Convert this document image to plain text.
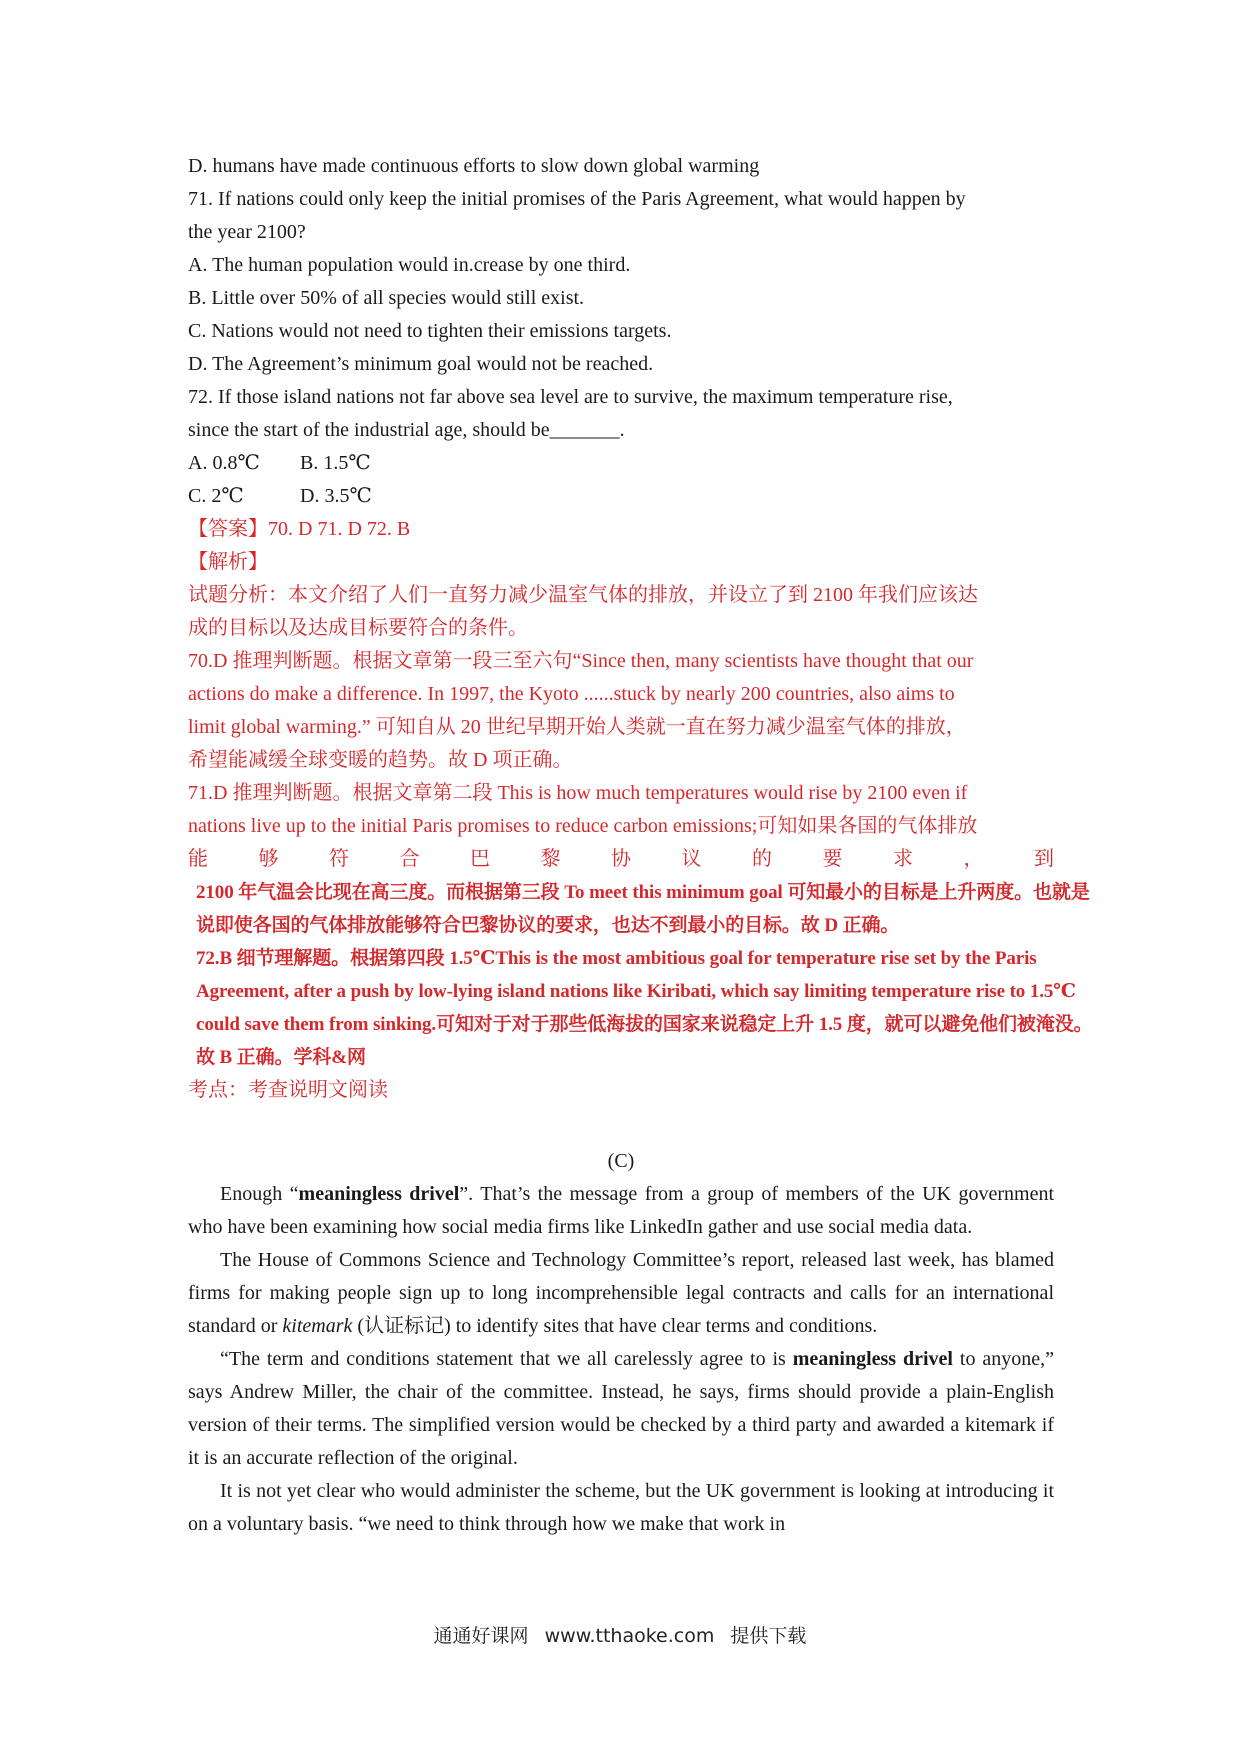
D. humans have made continuous efforts to slow down global warming

71. If nations could only keep the initial promises of the Paris Agreement, what would happen by

the year 2100?

A. The human population would in.crease by one third.

B. Little over 50% of all species would still exist.

C. Nations would not need to tighten their emissions targets.

D. The Agreement’s minimum goal would not be reached.

72. If those island nations not far above sea level are to survive, the maximum temperature rise,

since the start of the industrial age, should be_______.

A. 0.8℃ B. 1.5℃

C. 2℃	D. 3.5℃

【答案】70. D 71. D 72. B

【解析】

试题分析：本文介绍了人们一直努力减少温室气体的排放，并设立了到 2100 年我们应该达

成的目标以及达成目标要符合的条件。

70.D 推理判断题。根据文章第一段三至六句“Since then, many scientists have thought that our

actions do make a difference. In 1997, the Kyoto ......stuck by nearly 200 countries, also aims to

limit global warming.” 可知自从 20 世纪早期开始人类就一直在努力减少温室气体的排放，

希望能减缓全球变暖的趋势。故 D 项正确。

71.D 推理判断题。根据文章第二段 This is how much temperatures would rise by 2100 even if

nations live up to the initial Paris promises to reduce carbon emissions;可知如果各国的气体排放

能	够	符	合	巴	黎	协	议	的	要	求	，	到

2100 年气温会比现在高三度。而根据第三段 To meet this minimum goal 可知最小的目标是上升两度。也就是

说即使各国的气体排放能够符合巴黎协议的要求，也达不到最小的目标。故 D 正确。

72.B 细节理解题。根据第四段 1.5℃This is the most ambitious goal for temperature rise set by the Paris

Agreement, after a push by low-lying island nations like Kiribati, which say limiting temperature rise to 1.5℃

could save them from sinking.可知对于对于那些低海拔的国家来说稳定上升 1.5 度，就可以避免他们被淹没。

故 B 正确。学科&网

考点：考查说明文阅读

(C)

Enough “meaningless drivel”. That’s the message from a group of members of the UK government who have been examining how social media firms like LinkedIn gather and use social media data.

The House of Commons Science and Technology Committee’s report, released last week, has blamed firms for making people sign up to long incomprehensible legal contracts and calls for an international standard or kitemark (认证标记) to identify sites that have clear terms and conditions.

“The term and conditions statement that we all carelessly agree to is meaningless drivel to anyone,” says Andrew Miller, the chair of the committee. Instead, he says, firms should provide a plain-English version of their terms. The simplified version would be checked by a third party and awarded a kitemark if it is an accurate reflection of the original.

It is not yet clear who would administer the scheme, but the UK government is looking at introducing it on a voluntary basis. “we need to think through how we make that work in

通通好课网 www.tthaoke.com 提供下载
